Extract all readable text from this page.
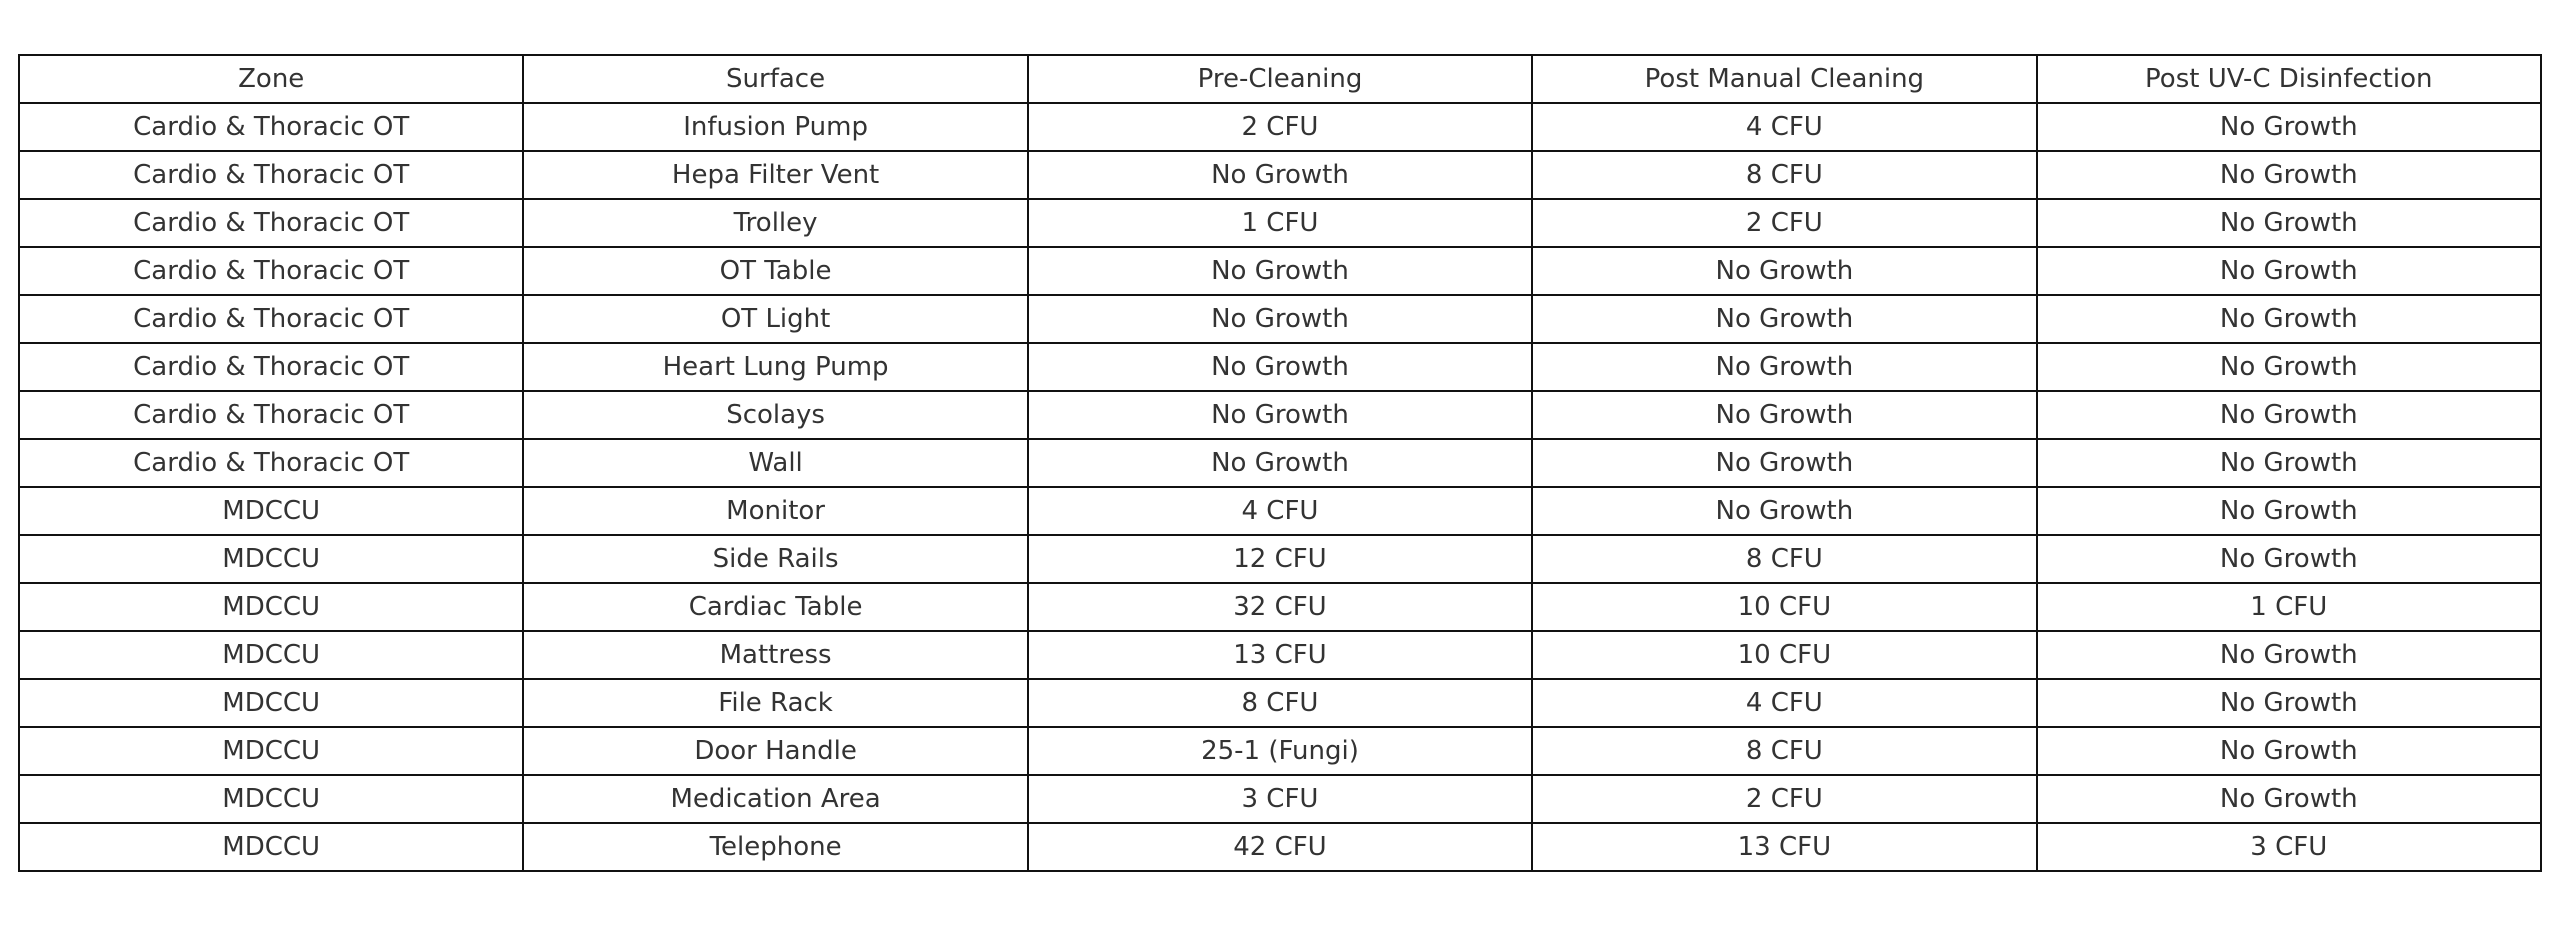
Zone	Surface	Pre-Cleaning	Post Manual Cleaning	Post UV-C Disinfection
Cardio & Thoracic OT	Infusion Pump	2 CFU	4 CFU	No Growth
Cardio & Thoracic OT	Hepa Filter Vent	No Growth	8 CFU	No Growth
Cardio & Thoracic OT	Trolley	1 CFU	2 CFU	No Growth
Cardio & Thoracic OT	OT Table	No Growth	No Growth	No Growth
Cardio & Thoracic OT	OT Light	No Growth	No Growth	No Growth
Cardio & Thoracic OT	Heart Lung Pump	No Growth	No Growth	No Growth
Cardio & Thoracic OT	Scolays	No Growth	No Growth	No Growth
Cardio & Thoracic OT	Wall	No Growth	No Growth	No Growth
MDCCU	Monitor	4 CFU	No Growth	No Growth
MDCCU	Side Rails	12 CFU	8 CFU	No Growth
MDCCU	Cardiac Table	32 CFU	10 CFU	1 CFU
MDCCU	Mattress	13 CFU	10 CFU	No Growth
MDCCU	File Rack	8 CFU	4 CFU	No Growth
MDCCU	Door Handle	25-1 (Fungi)	8 CFU	No Growth
MDCCU	Medication Area	3 CFU	2 CFU	No Growth
MDCCU	Telephone	42 CFU	13 CFU	3 CFU
